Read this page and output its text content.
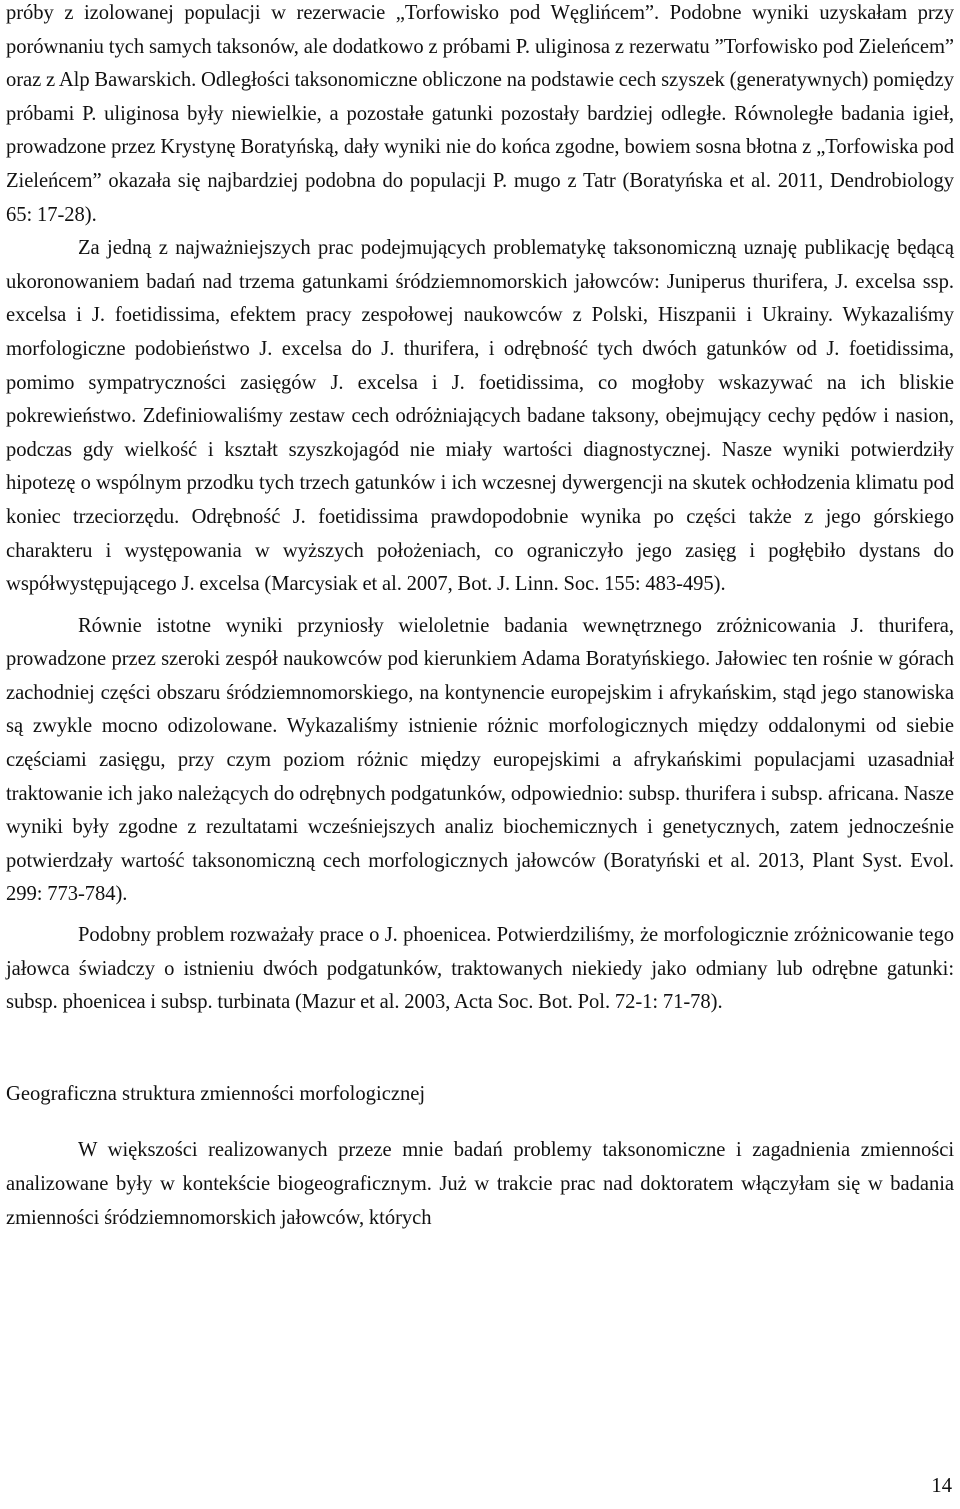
próby z izolowanej populacji w rezerwacie „Torfowisko pod Węglińcem”. Podobne wyniki uzyskałam przy porównaniu tych samych taksonów, ale dodatkowo z próbami P. uliginosa z rezerwatu ”Torfowisko pod Zieleńcem” oraz z Alp Bawarskich. Odległości taksonomiczne obliczone na podstawie cech szyszek (generatywnych) pomiędzy próbami P. uliginosa były niewielkie, a pozostałe gatunki pozostały bardziej odległe. Równoległe badania igieł, prowadzone przez Krystynę Boratyńską, dały wyniki nie do końca zgodne, bowiem sosna błotna z „Torfowiska pod Zieleńcem” okazała się najbardziej podobna do populacji P. mugo z Tatr (Boratyńska et al. 2011, Dendrobiology 65: 17-28).

Za jedną z najważniejszych prac podejmujących problematykę taksonomiczną uznaję publikację będącą ukoronowaniem badań nad trzema gatunkami śródziemnomorskich jałowców: Juniperus thurifera, J. excelsa ssp. excelsa i J. foetidissima, efektem pracy zespołowej naukowców z Polski, Hiszpanii i Ukrainy. Wykazaliśmy morfologiczne podobieństwo J. excelsa do J. thurifera, i odrębność tych dwóch gatunków od J. foetidissima, pomimo sympatryczności zasięgów J. excelsa i J. foetidissima, co mogłoby wskazywać na ich bliskie pokrewieństwo. Zdefiniowaliśmy zestaw cech odróżniających badane taksony, obejmujący cechy pędów i nasion, podczas gdy wielkość i kształt szyszkojagód nie miały wartości diagnostycznej. Nasze wyniki potwierdziły hipotezę o wspólnym przodku tych trzech gatunków i ich wczesnej dywergencji na skutek ochłodzenia klimatu pod koniec trzeciorzędu. Odrębność J. foetidissima prawdopodobnie wynika po części także z jego górskiego charakteru i występowania w wyższych położeniach, co ograniczyło jego zasięg i pogłębiło dystans do współwystępującego J. excelsa (Marcysiak et al. 2007, Bot. J. Linn. Soc. 155: 483-495).

Równie istotne wyniki przyniosły wieloletnie badania wewnętrznego zróżnicowania J. thurifera, prowadzone przez szeroki zespół naukowców pod kierunkiem Adama Boratyńskiego. Jałowiec ten rośnie w górach zachodniej części obszaru śródziemnomorskiego, na kontynencie europejskim i afrykańskim, stąd jego stanowiska są zwykle mocno odizolowane. Wykazaliśmy istnienie różnic morfologicznych między oddalonymi od siebie częściami zasięgu, przy czym poziom różnic między europejskimi a afrykańskimi populacjami uzasadniał traktowanie ich jako należących do odrębnych podgatunków, odpowiednio: subsp. thurifera i subsp. africana. Nasze wyniki były zgodne z rezultatami wcześniejszych analiz biochemicznych i genetycznych, zatem jednocześnie potwierdzały wartość taksonomiczną cech morfologicznych jałowców (Boratyński et al. 2013, Plant Syst. Evol. 299: 773-784).

Podobny problem rozważały prace o J. phoenicea. Potwierdziliśmy, że morfologicznie zróżnicowanie tego jałowca świadczy o istnieniu dwóch podgatunków, traktowanych niekiedy jako odmiany lub odrębne gatunki: subsp. phoenicea i subsp. turbinata (Mazur et al. 2003, Acta Soc. Bot. Pol. 72-1: 71-78).

Geograficzna struktura zmienności morfologicznej

W większości realizowanych przeze mnie badań problemy taksonomiczne i zagadnienia zmienności analizowane były w kontekście biogeograficznym. Już w trakcie prac nad doktoratem włączyłam się w badania zmienności śródziemnomorskich jałowców, których

14
